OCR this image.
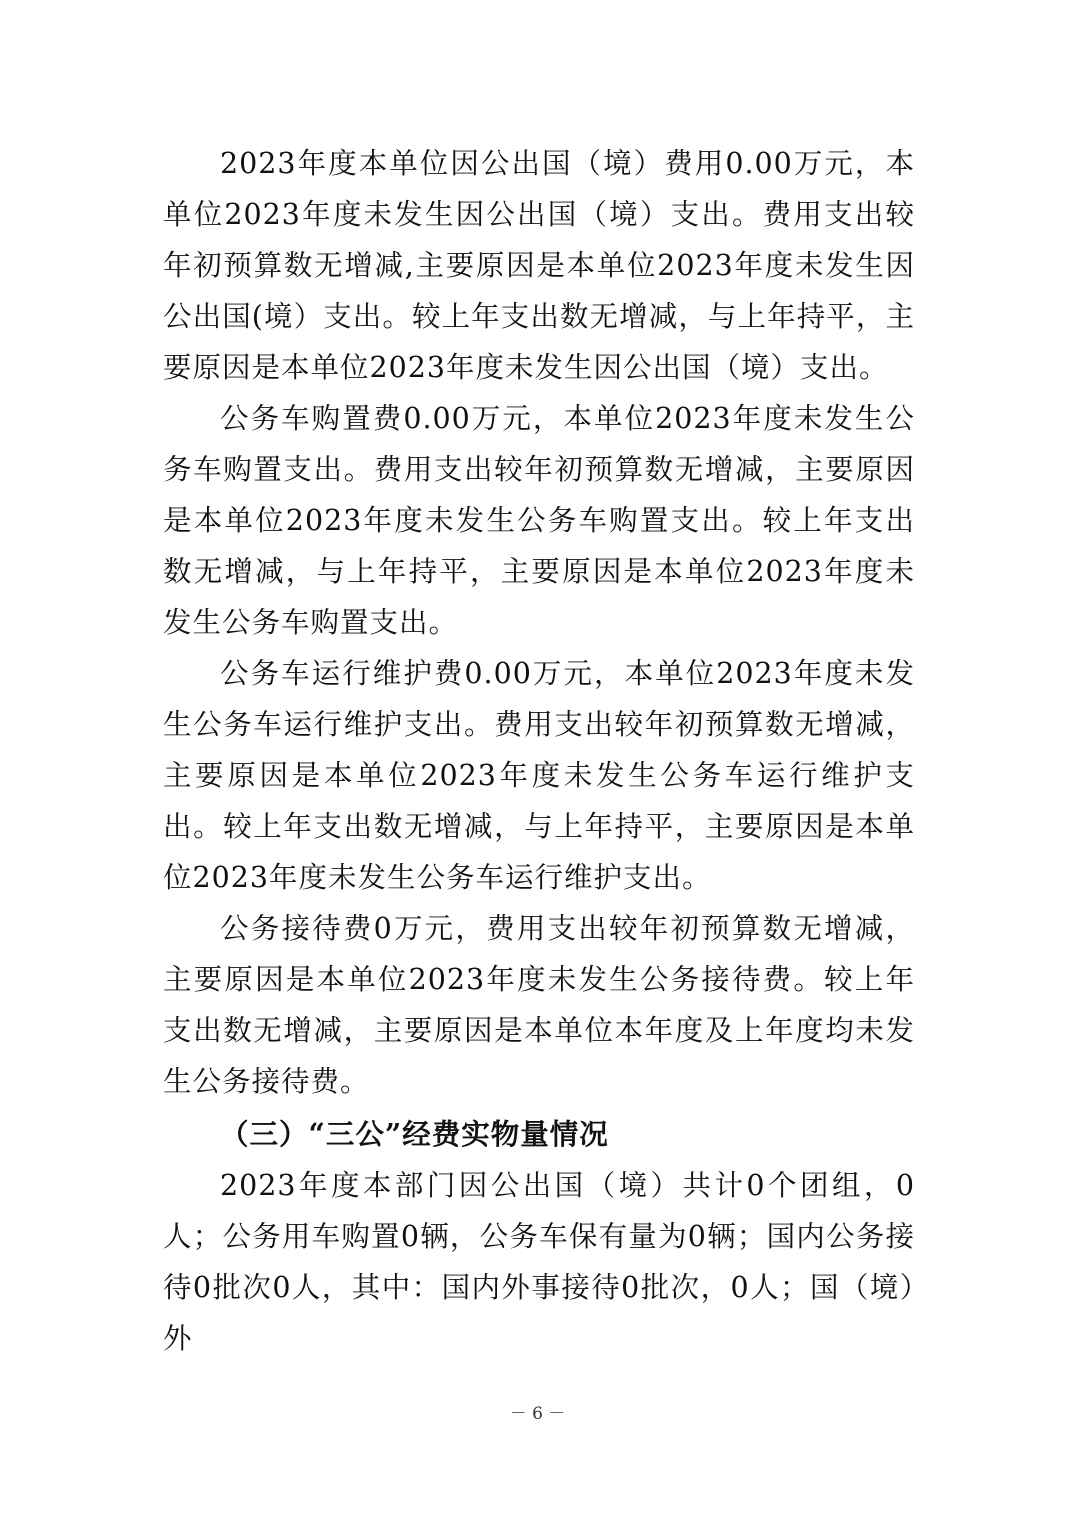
2023年度本单位因公出国（境）费用0.00万元，本单位2023年度未发生因公出国（境）支出。费用支出较年初预算数无增减,主要原因是本单位2023年度未发生因公出国(境）支出。较上年支出数无增减，与上年持平，主要原因是本单位2023年度未发生因公出国（境）支出。

公务车购置费0.00万元，本单位2023年度未发生公务车购置支出。费用支出较年初预算数无增减，主要原因是本单位2023年度未发生公务车购置支出。较上年支出数无增减，与上年持平，主要原因是本单位2023年度未发生公务车购置支出。

公务车运行维护费0.00万元，本单位2023年度未发生公务车运行维护支出。费用支出较年初预算数无增减，主要原因是本单位2023年度未发生公务车运行维护支出。较上年支出数无增减，与上年持平，主要原因是本单位2023年度未发生公务车运行维护支出。

公务接待费0万元，费用支出较年初预算数无增减，主要原因是本单位2023年度未发生公务接待费。较上年支出数无增减，主要原因是本单位本年度及上年度均未发生公务接待费。

（三）“三公”经费实物量情况

2023年度本部门因公出国（境）共计0个团组，0人；公务用车购置0辆，公务车保有量为0辆；国内公务接待0批次0人，其中：国内外事接待0批次，0人；国（境）外

－ 6 －
